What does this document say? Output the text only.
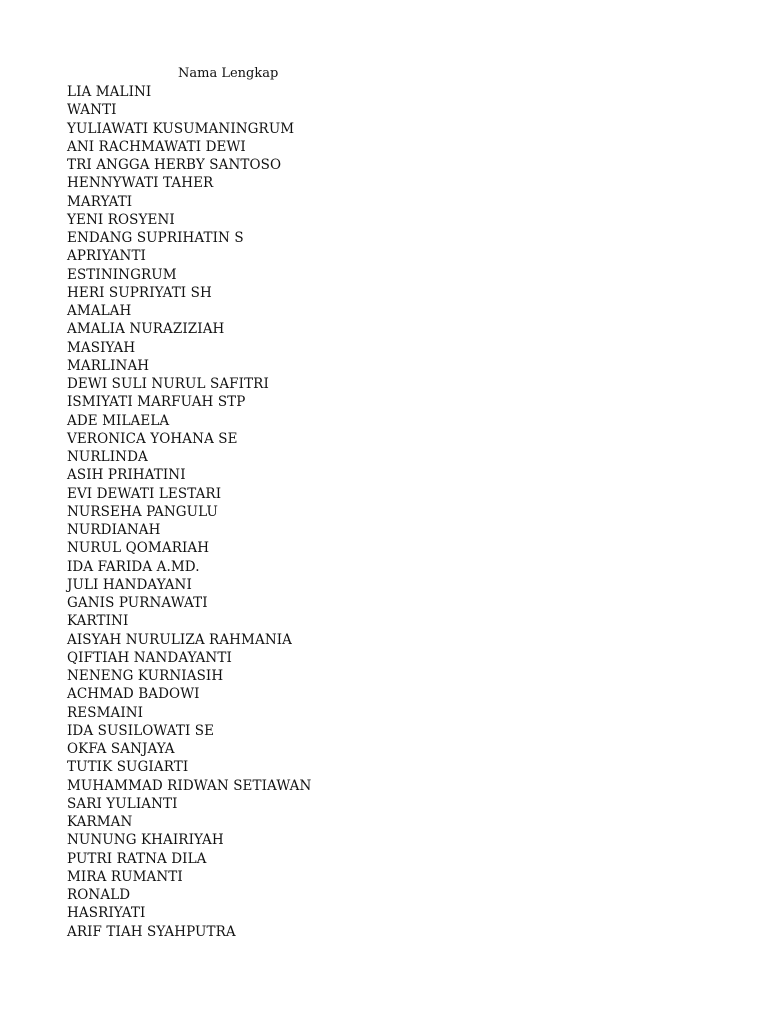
Nama Lengkap
LIA MALINI
WANTI
YULIAWATI KUSUMANINGRUM
ANI RACHMAWATI DEWI
TRI ANGGA HERBY SANTOSO
HENNYWATI TAHER
MARYATI
YENI ROSYENI
ENDANG SUPRIHATIN S
APRIYANTI
ESTININGRUM
HERI SUPRIYATI SH
AMALAH
AMALIA NURAZIZIAH
MASIYAH
MARLINAH
DEWI SULI NURUL SAFITRI
ISMIYATI MARFUAH STP
ADE MILAELA
VERONICA YOHANA SE
NURLINDA
ASIH PRIHATINI
EVI DEWATI LESTARI
NURSEHA PANGULU
NURDIANAH
NURUL QOMARIAH
IDA FARIDA A.MD.
JULI HANDAYANI
GANIS PURNAWATI
KARTINI
AISYAH NURULIZA RAHMANIA
QIFTIAH NANDAYANTI
NENENG KURNIASIH
ACHMAD BADOWI
RESMAINI
IDA SUSILOWATI SE
OKFA SANJAYA
TUTIK SUGIARTI
MUHAMMAD RIDWAN SETIAWAN
SARI YULIANTI
KARMAN
NUNUNG KHAIRIYAH
PUTRI RATNA DILA
MIRA RUMANTI
RONALD
HASRIYATI
ARIF TIAH SYAHPUTRA
